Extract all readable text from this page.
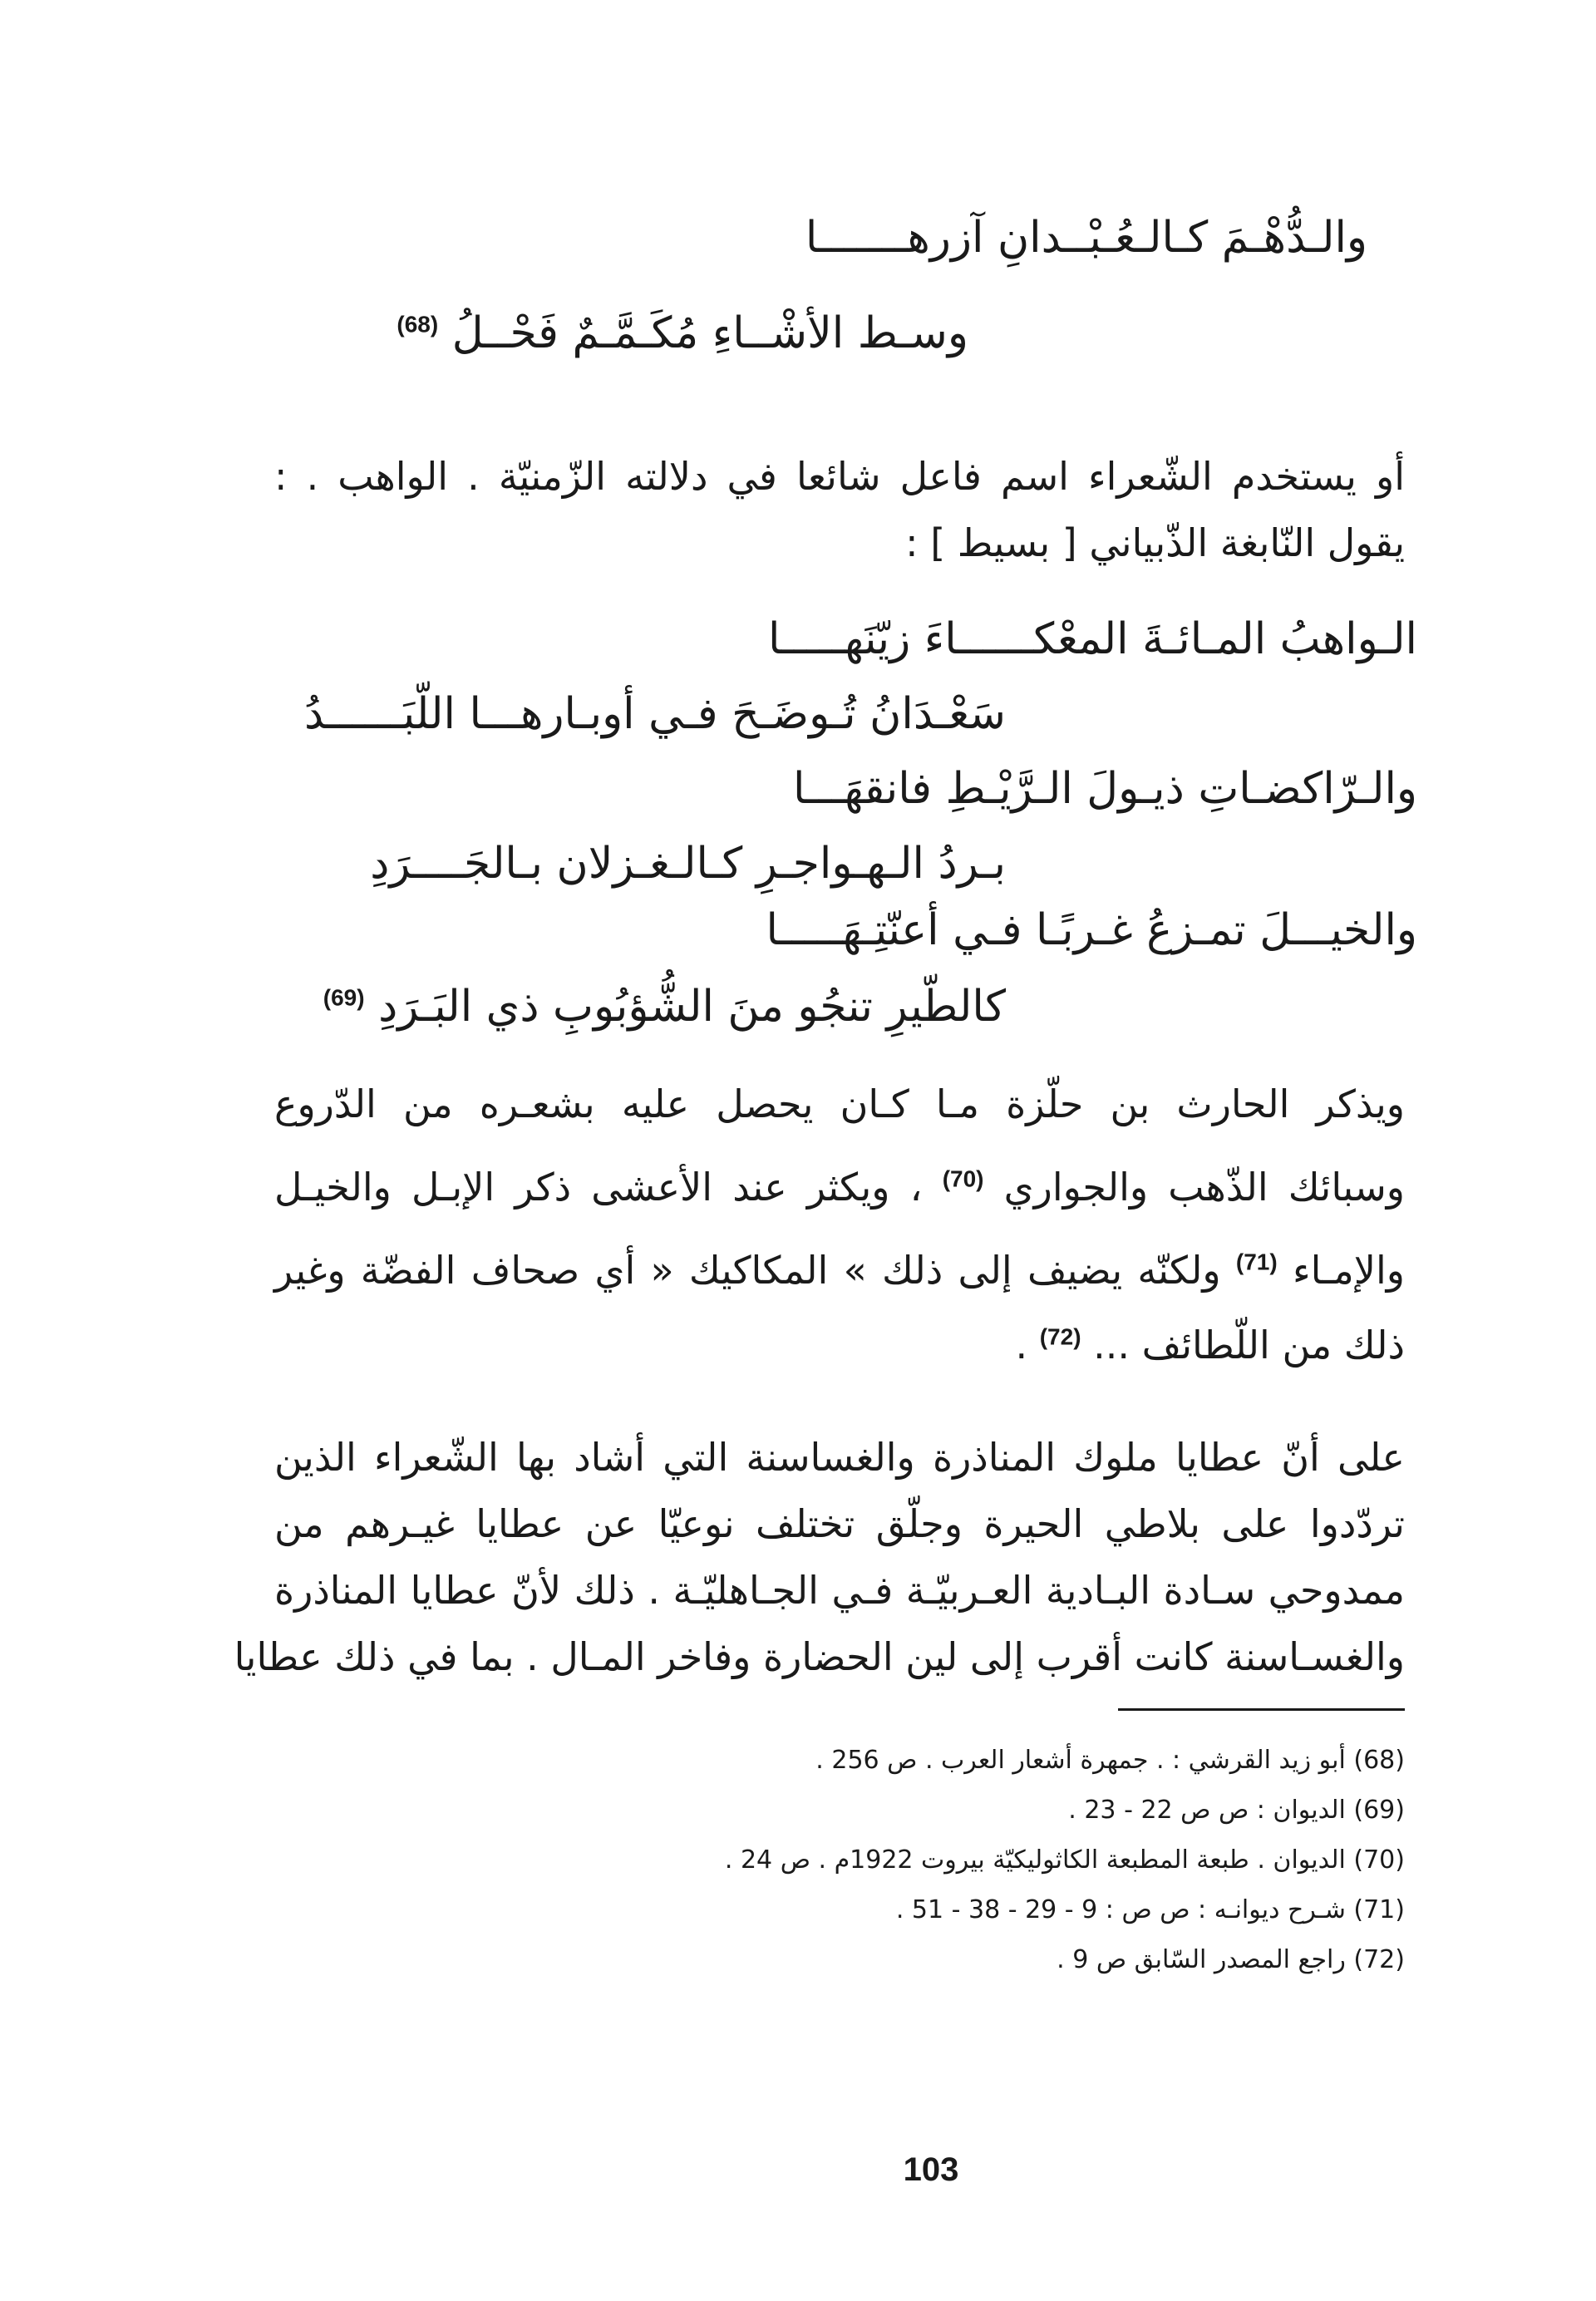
والـدُّهْـمَ كـالـعُـبْــدانِ آزرهـــــــا
وسـط الأشْــاءِ مُكَـمَّـمٌ فَحْــلُ $^{(68)}$
أو يستخدم الشّعراء اسم فاعل شائعا في دلالته الزّمنيّة . الواهب . :
يقول النّابغة الذّبياني [ بسيط ] :
الـواهبُ المـائـةَ المعْكــــــاءَ زيّنَهـــــا
سَعْـدَانُ تُـوضَـحَ فـي أوبـارهـــا اللّبَــــــدُ
والـرّاكضـاتِ ذيـولَ الـرَّيْـطِ فانقهَـــا
بـردُ الـهـواجـرِ كـالـغـزلان بـالجَــــرَدِ
والخيـــلَ تمـزعُ غـربًـا فـي أعنّتِـهَـــــا
كالطّيرِ تنجُو منَ الشُّؤبُوبِ ذي البَـرَدِ $^{(69)}$
ويذكر الحارث بن حلّزة مـا كـان يحصل عليه بشعـره من الدّروع
وسبائك الذّهب والجواري $^{(70)}$ ، ويكثر عند الأعشى ذكر الإبـل والخيـل
والإمـاء $^{(71)}$ ولكنّه يضيف إلى ذلك » المكاكيك « أي صحاف الفضّة وغير
ذلك من اللّطائف ... $^{(72)}$ .
على أنّ عطايا ملوك المناذرة والغساسنة التي أشاد بها الشّعراء الذين
تردّدوا على بلاطي الحيرة وجلّق تختلف نوعيّا عن عطايا غيـرهم من
ممدوحي سـادة البـادية العـربيّـة فـي الجـاهليّـة . ذلك لأنّ عطايا المناذرة
والغسـاسنة كانت أقرب إلى لين الحضارة وفاخر المـال . بما في ذلك عطايا
(68) أبو زيد القرشي : . جمهرة أشعار العرب . ص 256 .
(69) الديوان : ص ص 22 - 23 .
(70) الديوان . طبعة المطبعة الكاثوليكيّة بيروت 1922م . ص 24 .
(71) شـرح ديوانـه : ص ص : 9 - 29 - 38 - 51 .
(72) راجع المصدر السّابق ص 9 .
103
